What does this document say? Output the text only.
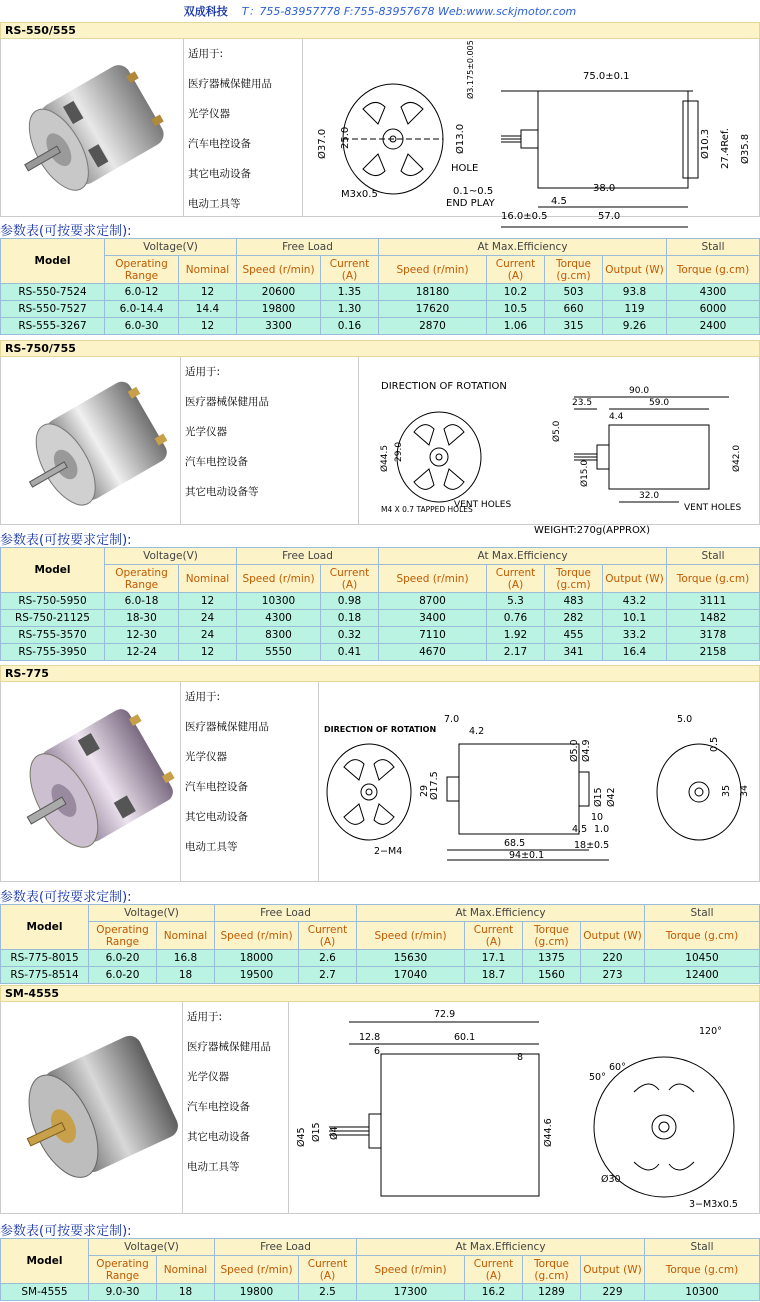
双成科技 T：755-83957778 F:755-83957678 Web:www.sckjmotor.com
RS-550/555
适用于:
医疗器械保健用品
光学仪器
汽车电控设备
其它电动设备
电动工具等
75.0±0.1
Ø3.175±0.005
Ø37.0 25.0	Ø13.0
HOLE
M3x0.5	0.1~0.5
END PLAY	4.5
38.0
16.0±0.5	57.0
Ø10.3 27.4Ref. Ø35.8
参数表(可按要求定制):
Model	Voltage(V)		Free Load		At Max.Efficiency				Stall
	Operating Range	Nominal	Speed (r/min)	Current (A)	Speed (r/min)	Current (A)	Torque (g.cm)	Output (W)	Torque (g.cm)
RS-550-7524	6.0-12	12	20600	1.35	18180	10.2	503	93.8	4300
RS-550-7527	6.0-14.4	14.4	19800	1.30	17620	10.5	660	119	6000
RS-555-3267	6.0-30	12	3300	0.16	2870	1.06	315	9.26	2400
RS-750/755
适用于:
医疗器械保健用品
光学仪器
汽车电控设备
其它电动设备等
DIRECTION OF ROTATION	90.0
23.5	59.0
4.4
Ø5.0
Ø15.0
Ø42.0
Ø44.5 29.0
32.0
VENT HOLES	VENT HOLES
M4 X 0.7 TAPPED HOLES
WEIGHT:270g(APPROX)
参数表(可按要求定制):
Model	Voltage(V)		Free Load		At Max.Efficiency				Stall
	Operating Range	Nominal	Speed (r/min)	Current (A)	Speed (r/min)	Current (A)	Torque (g.cm)	Output (W)	Torque (g.cm)
RS-750-5950	6.0-18	12	10300	0.98	8700	5.3	483	43.2	3111
RS-750-21125	18-30	24	4300	0.18	3400	0.76	282	10.1	1482
RS-755-3570	12-30	24	8300	0.32	7110	1.92	455	33.2	3178
RS-755-3950	12-24	12	5550	0.41	4670	2.17	341	16.4	2158
RS-775
适用于:
医疗器械保健用品
光学仪器
汽车电控设备
其它电动设备
电动工具等
DIRECTION OF ROTATION
7.0
4.2
29 Ø17.5
Ø5.0 Ø4.9
Ø15 Ø42
10
1.0
68.5
4.5
18±0.5
94±0.1
2−M4
5.0
0.5
35 34
参数表(可按要求定制):
Model	Voltage(V)		Free Load		At Max.Efficiency				Stall
	Operating Range	Nominal	Speed (r/min)	Current (A)	Speed (r/min)	Current (A)	Torque (g.cm)	Output (W)	Torque (g.cm)
RS-775-8015	6.0-20	16.8	18000	2.6	15630	17.1	1375	220	10450
RS-775-8514	6.0-20	18	19500	2.7	17040	18.7	1560	273	12400
SM-4555
适用于:
医疗器械保健用品
光学仪器
汽车电控设备
其它电动设备
电动工具等
72.9
12.8	60.1
6
8
Ø45 Ø15 Ø4	Ø44.6
120°
50°
60°
Ø30
3−M3x0.5
参数表(可按要求定制):
Model	Voltage(V)		Free Load		At Max.Efficiency				Stall
	Operating Range	Nominal	Speed (r/min)	Current (A)	Speed (r/min)	Current (A)	Torque (g.cm)	Output (W)	Torque (g.cm)
SM-4555	9.0-30	18	19800	2.5	17300	16.2	1289	229	10300
